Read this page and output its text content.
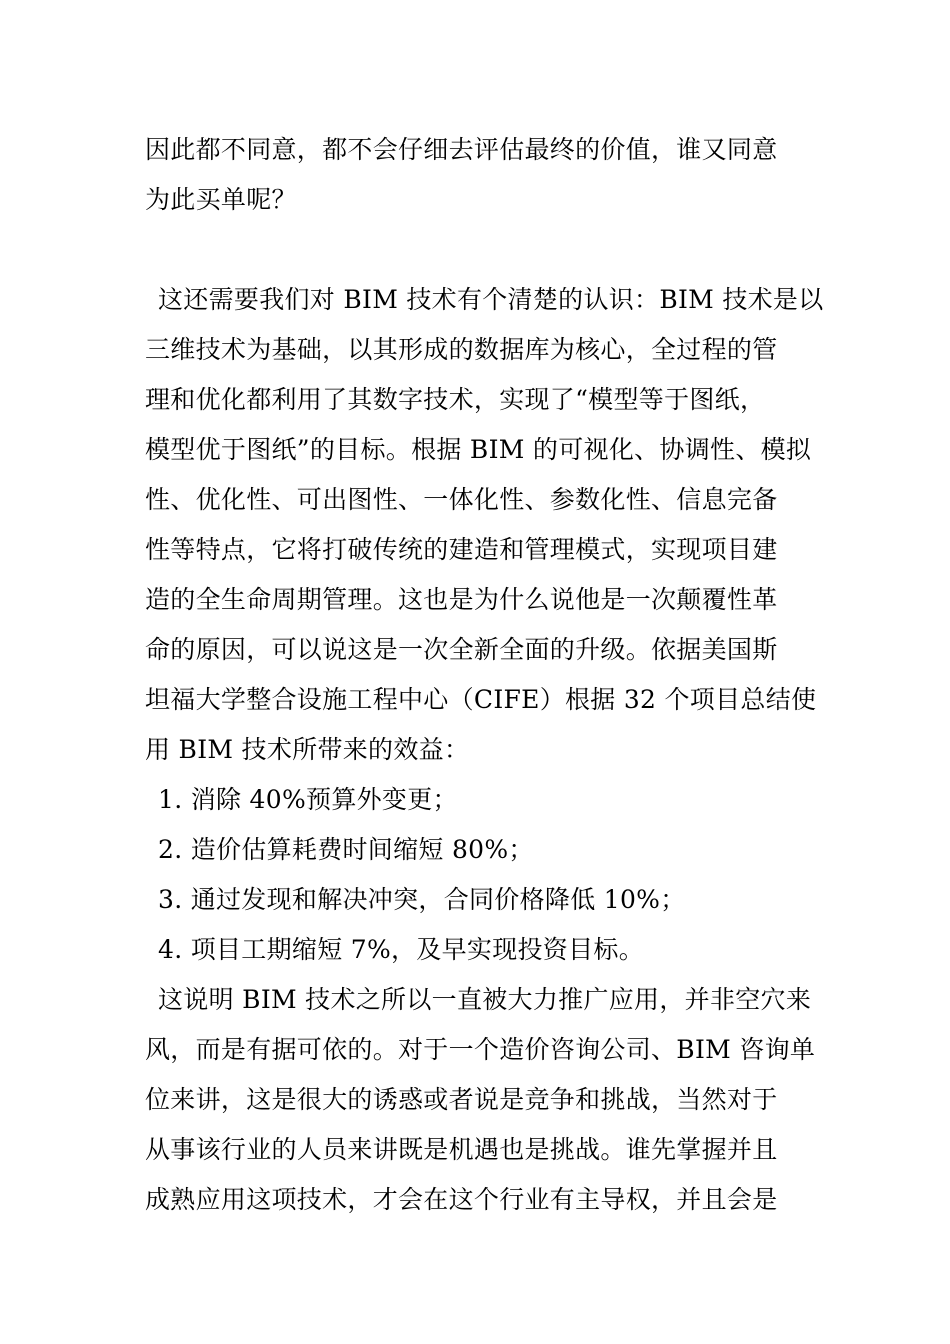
因此都不同意，都不会仔细去评估最终的价值，谁又同意
为此买单呢？
这还需要我们对 BIM 技术有个清楚的认识：BIM 技术是以
三维技术为基础，以其形成的数据库为核心，全过程的管
理和优化都利用了其数字技术，实现了“模型等于图纸，
模型优于图纸”的目标。根据 BIM 的可视化、协调性、模拟
性、优化性、可出图性、一体化性、参数化性、信息完备
性等特点，它将打破传统的建造和管理模式，实现项目建
造的全生命周期管理。这也是为什么说他是一次颠覆性革
命的原因，可以说这是一次全新全面的升级。依据美国斯
坦福大学整合设施工程中心（CIFE）根据 32 个项目总结使
用 BIM 技术所带来的效益：
1. 消除 40%预算外变更；
2. 造价估算耗费时间缩短 80%；
3. 通过发现和解决冲突，合同价格降低 10%；
4. 项目工期缩短 7%，及早实现投资目标。
这说明 BIM 技术之所以一直被大力推广应用，并非空穴来
风，而是有据可依的。对于一个造价咨询公司、BIM 咨询单
位来讲，这是很大的诱惑或者说是竞争和挑战，当然对于
从事该行业的人员来讲既是机遇也是挑战。谁先掌握并且
成熟应用这项技术，才会在这个行业有主导权，并且会是
